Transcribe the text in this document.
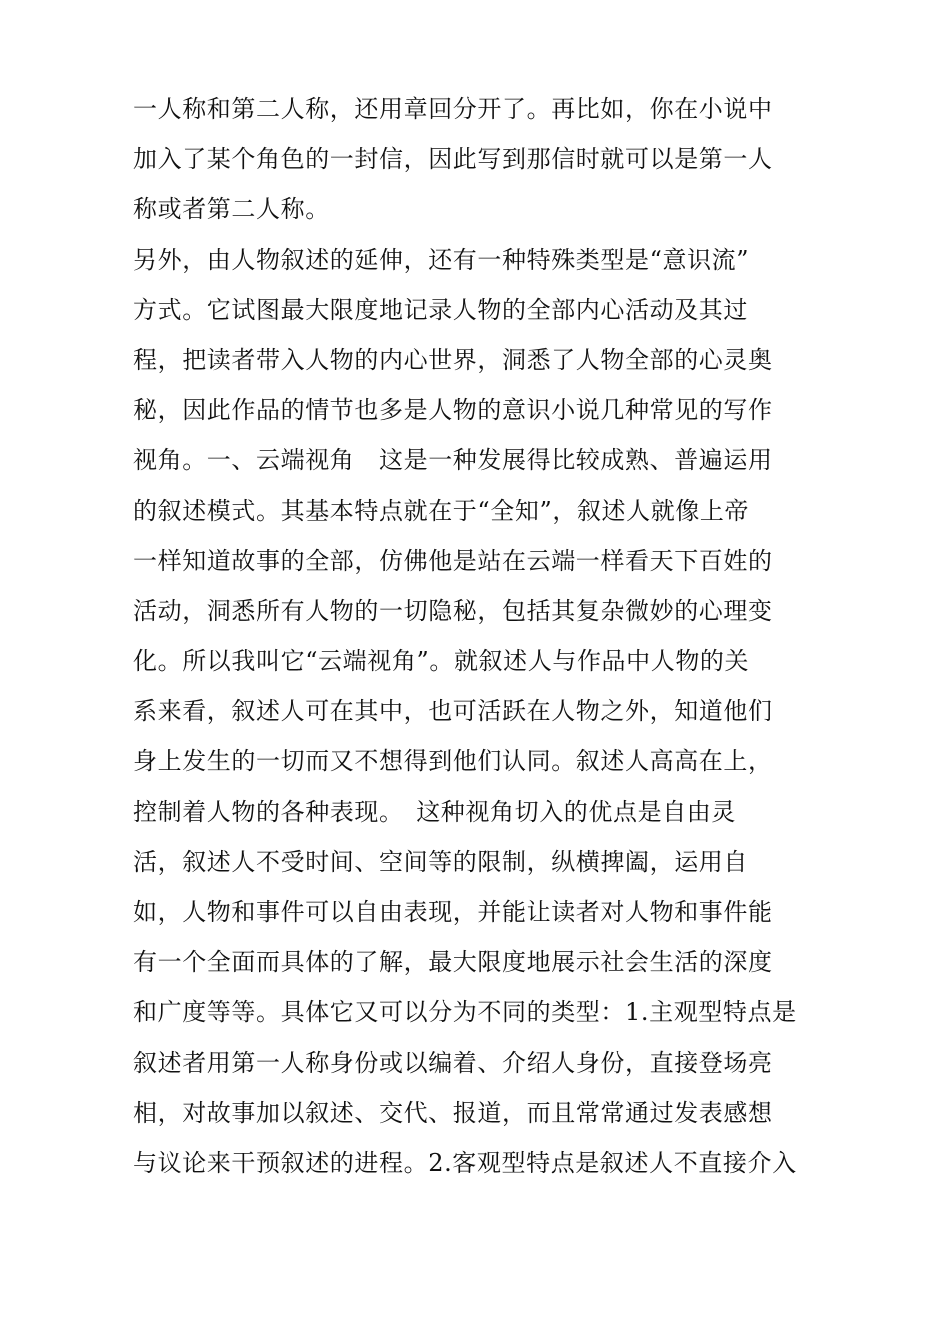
一人称和第二人称，还用章回分开了。再比如，你在小说中
加入了某个角色的一封信，因此写到那信时就可以是第一人
称或者第二人称。
另外，由人物叙述的延伸，还有一种特殊类型是“意识流”
方式。它试图最大限度地记录人物的全部内心活动及其过
程，把读者带入人物的内心世界，洞悉了人物全部的心灵奥
秘，因此作品的情节也多是人物的意识小说几种常见的写作
视角。一、云端视角　这是一种发展得比较成熟、普遍运用
的叙述模式。其基本特点就在于“全知”，叙述人就像上帝
一样知道故事的全部，仿佛他是站在云端一样看天下百姓的
活动，洞悉所有人物的一切隐秘，包括其复杂微妙的心理变
化。所以我叫它“云端视角”。就叙述人与作品中人物的关
系来看，叙述人可在其中，也可活跃在人物之外，知道他们
身上发生的一切而又不想得到他们认同。叙述人高高在上，
控制着人物的各种表现。　这种视角切入的优点是自由灵
活，叙述人不受时间、空间等的限制，纵横捭阖，运用自
如，人物和事件可以自由表现，并能让读者对人物和事件能
有一个全面而具体的了解，最大限度地展示社会生活的深度
和广度等等。具体它又可以分为不同的类型：1.主观型特点是
叙述者用第一人称身份或以编着、介绍人身份，直接登场亮
相，对故事加以叙述、交代、报道，而且常常通过发表感想
与议论来干预叙述的进程。2.客观型特点是叙述人不直接介入
